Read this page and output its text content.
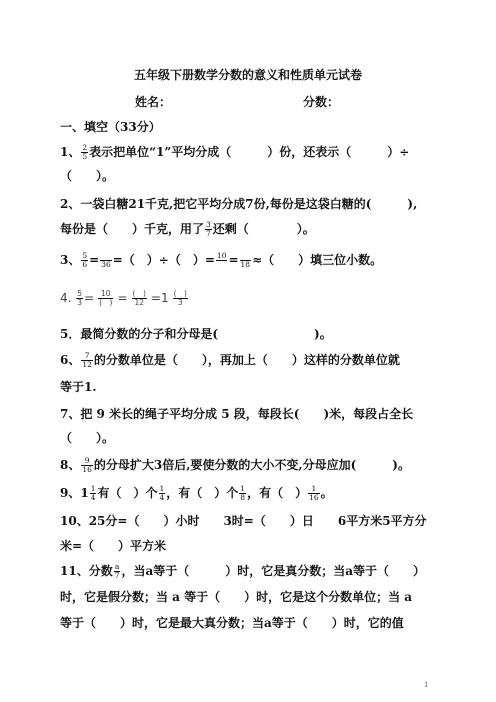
五年级下册数学分数的意义和性质单元试卷
姓名：	分数：
一、填空（33分）
1、 $\frac{2}{5}$ 表示把单位“1”平均分成（　　　）份，还表示（　　　）÷
（　　）。
2、一袋白糖21千克,把它平均分成7份,每份是这袋白糖的(　　　),
每份是（　　）千克，用了 $\frac{3}{7}$ 还剩（　　　　）。
3、 $\frac{5}{6}$ =
  36 =（　）÷（　）= 10
  =
  18 ≈（　　）填三位小数。
4. $\frac{5}{3} = 10$
(　) = (　)
12 =1 (　)
3
5．最简分数的分子和分母是(　　　　　　　　)。
6、 $\frac{7}{12}$ 的分数单位是（　　），再加上（　　）这样的分数单位就
等于1.
7、把 9 米长的绳子平均分成 5 段，每段长(　　)米，每段占全长
（　　）。
8、 $\frac{9}{16}$ 的分母扩大3倍后,要使分数的大小不变,分母应加(　　　)。
9、$1 \frac{1}{4}$ 有（　）个 $\frac{1}{4}$ ，有（　）个 $\frac{1}{8}$ ，有（　） $\frac{1}{16}$ 。
10、25分=（　　）小时　　3时=（　　）日　　6平方米5平方分
米=（　　）平方米
11、分数 $\frac{a}{7}$ ，当a等于（　　　）时，它是真分数；当a等于（　　）
时，它是假分数；当 a 等于（　　）时，它是这个分数单位；当 a
等于（　　）时，它是最大真分数；当a等于（　　）时，它的值
1
